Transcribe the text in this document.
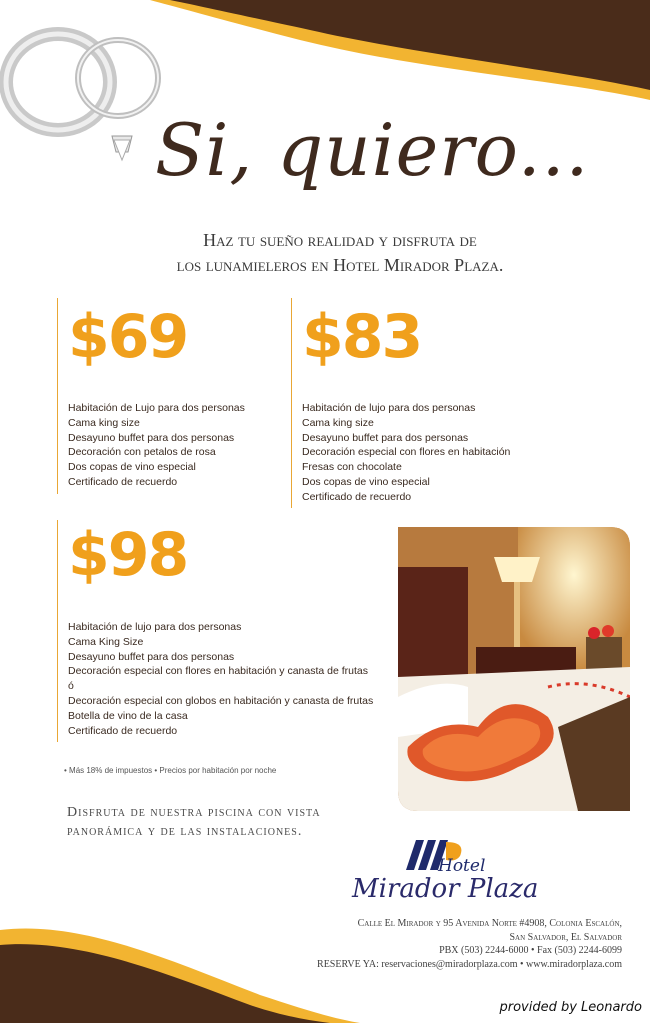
Si, quiero...
Haz tu sueño realidad y disfruta de
los lunamieleros en Hotel Mirador Plaza.
$69
Habitación de Lujo para dos personas
Cama king size
Desayuno buffet para dos personas
Decoración con petalos de rosa
Dos copas de vino especial
Certificado de recuerdo
$83
Habitación de lujo para dos personas
Cama king size
Desayuno buffet para dos personas
Decoración especial con flores en habitación
Fresas con chocolate
Dos copas de vino especial
Certificado de recuerdo
$98
Habitación de lujo para dos personas
Cama King Size
Desayuno buffet para dos personas
Decoración especial con flores en habitación y canasta de frutas
ó
Decoración especial con globos en habitación y canasta de frutas
Botella de vino de la casa
Certificado de recuerdo
• Más 18% de impuestos • Precios por habitación por noche
Disfruta de nuestra piscina con vista
panorámica y de las instalaciones.
Hotel
Mirador Plaza
Calle El Mirador y 95 Avenida Norte #4908, Colonia Escalón,
San Salvador, El Salvador
PBX (503) 2244-6000 • Fax (503) 2244-6099
RESERVE YA: reservaciones@miradorplaza.com • www.miradorplaza.com
provided by Leonardo
